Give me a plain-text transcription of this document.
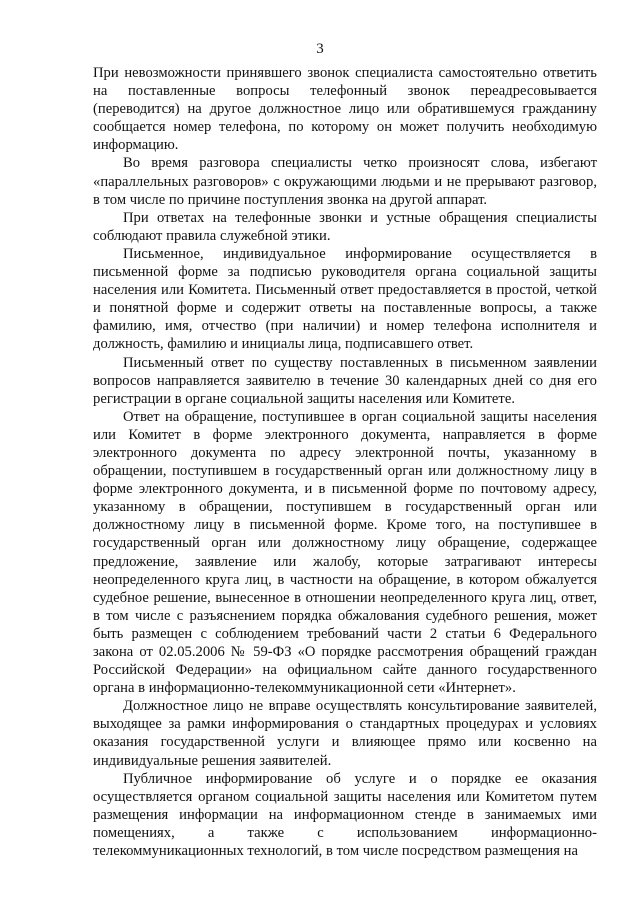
3

При невозможности принявшего звонок специалиста самостоятельно ответить на поставленные вопросы телефонный звонок переадресовывается (переводится) на другое должностное лицо или обратившемуся гражданину сообщается номер телефона, по которому он может получить необходимую информацию.

Во время разговора специалисты четко произносят слова, избегают «параллельных разговоров» с окружающими людьми и не прерывают разговор, в том числе по причине поступления звонка на другой аппарат.

При ответах на телефонные звонки и устные обращения специалисты соблюдают правила служебной этики.

Письменное, индивидуальное информирование осуществляется в письменной форме за подписью руководителя органа социальной защиты населения или Комитета. Письменный ответ предоставляется в простой, четкой и понятной форме и содержит ответы на поставленные вопросы, а также фамилию, имя, отчество (при наличии) и номер телефона исполнителя и должность, фамилию и инициалы лица, подписавшего ответ.

Письменный ответ по существу поставленных в письменном заявлении вопросов направляется заявителю в течение 30 календарных дней со дня его регистрации в органе социальной защиты населения или Комитете.

Ответ на обращение, поступившее в орган социальной защиты населения или Комитет в форме электронного документа, направляется в форме электронного документа по адресу электронной почты, указанному в обращении, поступившем в государственный орган или должностному лицу в форме электронного документа, и в письменной форме по почтовому адресу, указанному в обращении, поступившем в государственный орган или должностному лицу в письменной форме. Кроме того, на поступившее в государственный орган или должностному лицу обращение, содержащее предложение, заявление или жалобу, которые затрагивают интересы неопределенного круга лиц, в частности на обращение, в котором обжалуется судебное решение, вынесенное в отношении неопределенного круга лиц, ответ, в том числе с разъяснением порядка обжалования судебного решения, может быть размещен с соблюдением требований части 2 статьи 6 Федерального закона от 02.05.2006 № 59-ФЗ «О порядке рассмотрения обращений граждан Российской Федерации» на официальном сайте данного государственного органа в информационно-телекоммуникационной сети «Интернет».

Должностное лицо не вправе осуществлять консультирование заявителей, выходящее за рамки информирования о стандартных процедурах и условиях оказания государственной услуги и влияющее прямо или косвенно на индивидуальные решения заявителей.

Публичное информирование об услуге и о порядке ее оказания осуществляется органом социальной защиты населения или Комитетом путем размещения информации на информационном стенде в занимаемых ими помещениях, а также с использованием информационно-телекоммуникационных технологий, в том числе посредством размещения на
